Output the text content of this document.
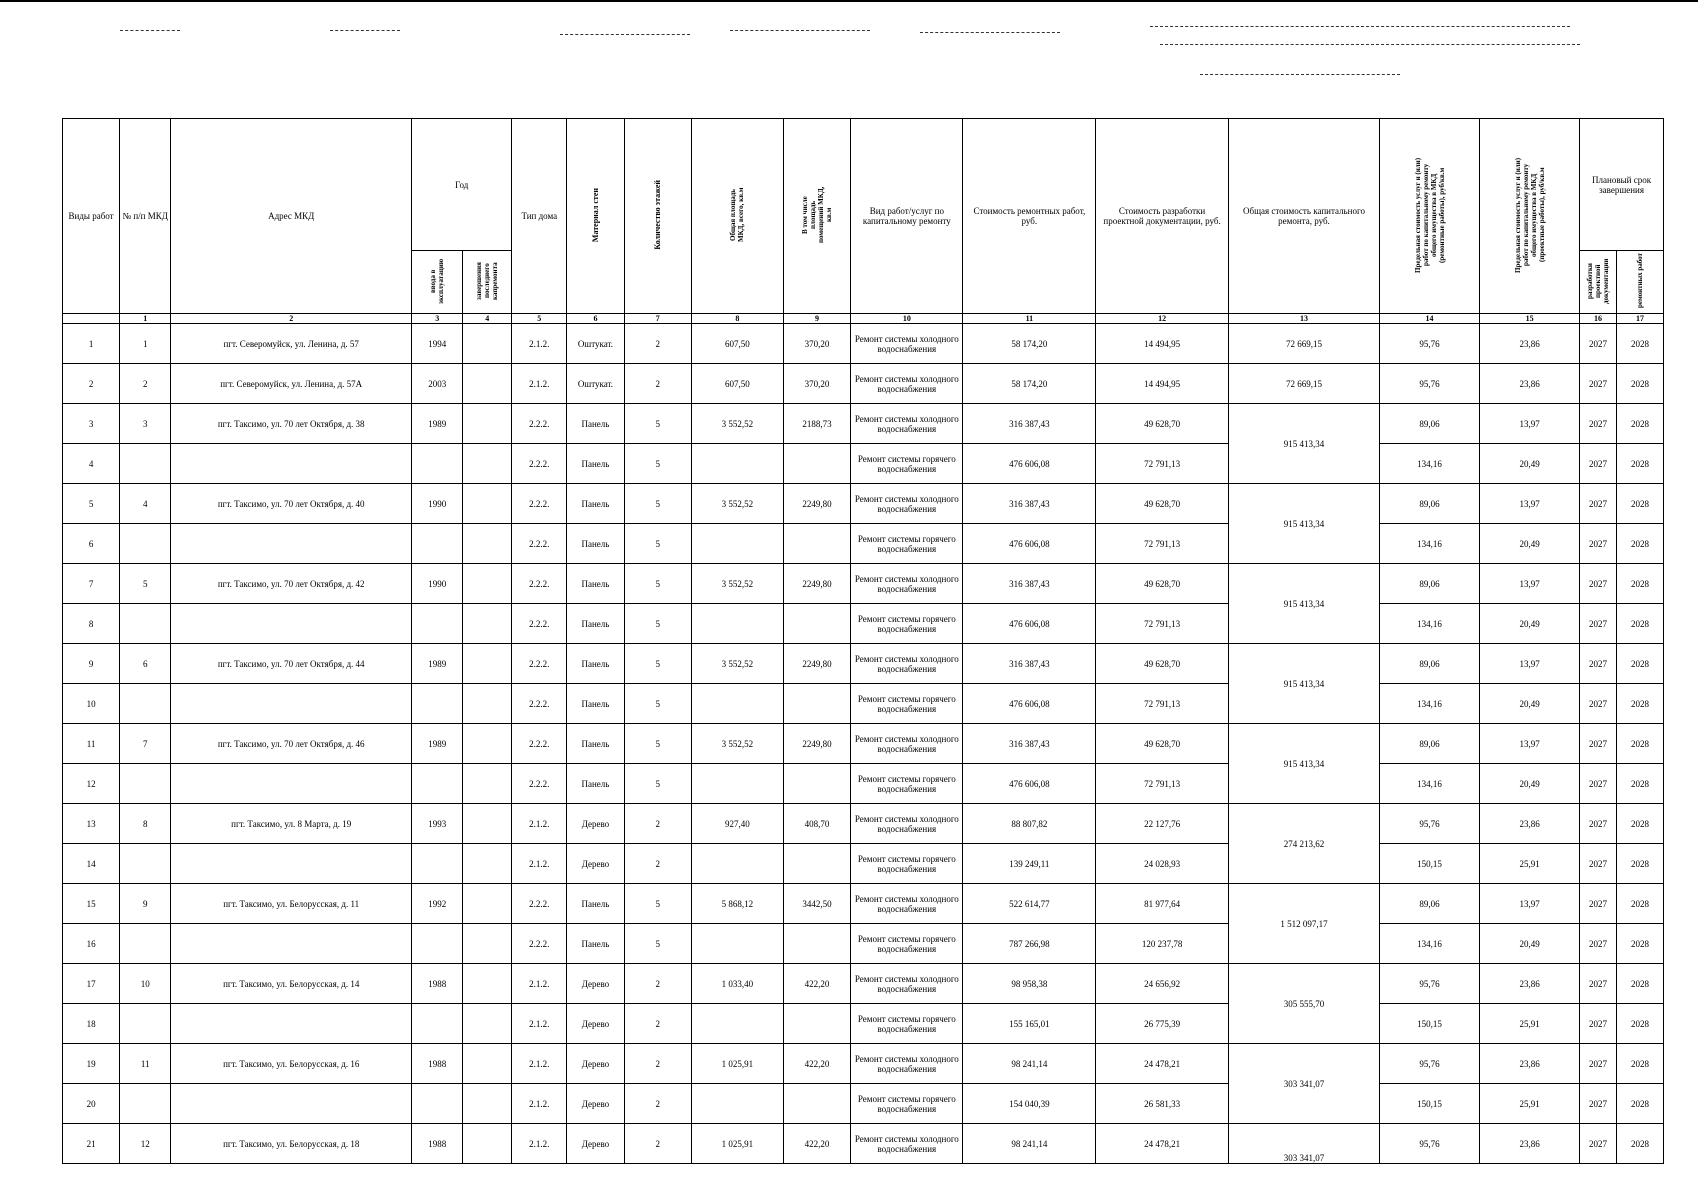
Виды работ	№ п/п МКД	Адрес МКД	Год		Тип дома	Материал стен	Количество этажей	Общая площадь МКД, всего, кв.м	В том числе площадь помещений МКД, кв.м	Вид работ/услуг по капитальному ремонту	Стоимость ремонтных работ, руб.	Стоимость разработки проектной документации, руб.	Общая стоимость капитального ремонта, руб.	Предельная стоимость услуг и (или) работ по капитальному ремонту общего имущества в МКД (ремонтные работы), руб/кв.м	Предельная стоимость услуг и (или) работ по капитальному ремонту общего имущества в МКД (проектные работы), руб/кв.м	Плановый срок завершения	
			ввода в эксплуатацию	завершения последнего капремонта												разработки проектной документации	ремонтных работ
	1	2	3	4	5	6	7	8	9	10	11	12	13	14	15	16	17
1	1	пгт. Северомуйск, ул. Ленина, д. 57	1994		2.1.2.	Оштукат.	2	607,50	370,20	Ремонт системы холодного водоснабжения	58 174,20	14 494,95	72 669,15	95,76	23,86	2027	2028
2	2	пгт. Северомуйск, ул. Ленина, д. 57А	2003		2.1.2.	Оштукат.	2	607,50	370,20	Ремонт системы холодного водоснабжения	58 174,20	14 494,95	72 669,15	95,76	23,86	2027	2028
3	3	пгт. Таксимо, ул. 70 лет Октября, д. 38	1989		2.2.2.	Панель	5	3 552,52	2188,73	Ремонт системы холодного водоснабжения	316 387,43	49 628,70	915 413,34	89,06	13,97	2027	2028
4					2.2.2.	Панель	5			Ремонт системы горячего водоснабжения	476 606,08	72 791,13		134,16	20,49	2027	2028
5	4	пгт. Таксимо, ул. 70 лет Октября, д. 40	1990		2.2.2.	Панель	5	3 552,52	2249,80	Ремонт системы холодного водоснабжения	316 387,43	49 628,70	915 413,34	89,06	13,97	2027	2028
6					2.2.2.	Панель	5			Ремонт системы горячего водоснабжения	476 606,08	72 791,13		134,16	20,49	2027	2028
7	5	пгт. Таксимо, ул. 70 лет Октября, д. 42	1990		2.2.2.	Панель	5	3 552,52	2249,80	Ремонт системы холодного водоснабжения	316 387,43	49 628,70	915 413,34	89,06	13,97	2027	2028
8					2.2.2.	Панель	5			Ремонт системы горячего водоснабжения	476 606,08	72 791,13		134,16	20,49	2027	2028
9	6	пгт. Таксимо, ул. 70 лет Октября, д. 44	1989		2.2.2.	Панель	5	3 552,52	2249,80	Ремонт системы холодного водоснабжения	316 387,43	49 628,70	915 413,34	89,06	13,97	2027	2028
10					2.2.2.	Панель	5			Ремонт системы горячего водоснабжения	476 606,08	72 791,13		134,16	20,49	2027	2028
11	7	пгт. Таксимо, ул. 70 лет Октября, д. 46	1989		2.2.2.	Панель	5	3 552,52	2249,80	Ремонт системы холодного водоснабжения	316 387,43	49 628,70	915 413,34	89,06	13,97	2027	2028
12					2.2.2.	Панель	5			Ремонт системы горячего водоснабжения	476 606,08	72 791,13		134,16	20,49	2027	2028
13	8	пгт. Таксимо, ул. 8 Марта, д. 19	1993		2.1.2.	Дерево	2	927,40	408,70	Ремонт системы холодного водоснабжения	88 807,82	22 127,76	274 213,62	95,76	23,86	2027	2028
14					2.1.2.	Дерево	2			Ремонт системы горячего водоснабжения	139 249,11	24 028,93		150,15	25,91	2027	2028
15	9	пгт. Таксимо, ул. Белорусская, д. 11	1992		2.2.2.	Панель	5	5 868,12	3442,50	Ремонт системы холодного водоснабжения	522 614,77	81 977,64	1 512 097,17	89,06	13,97	2027	2028
16					2.2.2.	Панель	5			Ремонт системы горячего водоснабжения	787 266,98	120 237,78		134,16	20,49	2027	2028
17	10	пгт. Таксимо, ул. Белорусская, д. 14	1988		2.1.2.	Дерево	2	1 033,40	422,20	Ремонт системы холодного водоснабжения	98 958,38	24 656,92	305 555,70	95,76	23,86	2027	2028
18					2.1.2.	Дерево	2			Ремонт системы горячего водоснабжения	155 165,01	26 775,39		150,15	25,91	2027	2028
19	11	пгт. Таксимо, ул. Белорусская, д. 16	1988		2.1.2.	Дерево	2	1 025,91	422,20	Ремонт системы холодного водоснабжения	98 241,14	24 478,21	303 341,07	95,76	23,86	2027	2028
20					2.1.2.	Дерево	2			Ремонт системы горячего водоснабжения	154 040,39	26 581,33		150,15	25,91	2027	2028
21	12	пгт. Таксимо, ул. Белорусская, д. 18	1988		2.1.2.	Дерево	2	1 025,91	422,20	Ремонт системы холодного водоснабжения	98 241,14	24 478,21	303 341,07	95,76	23,86	2027	2028
